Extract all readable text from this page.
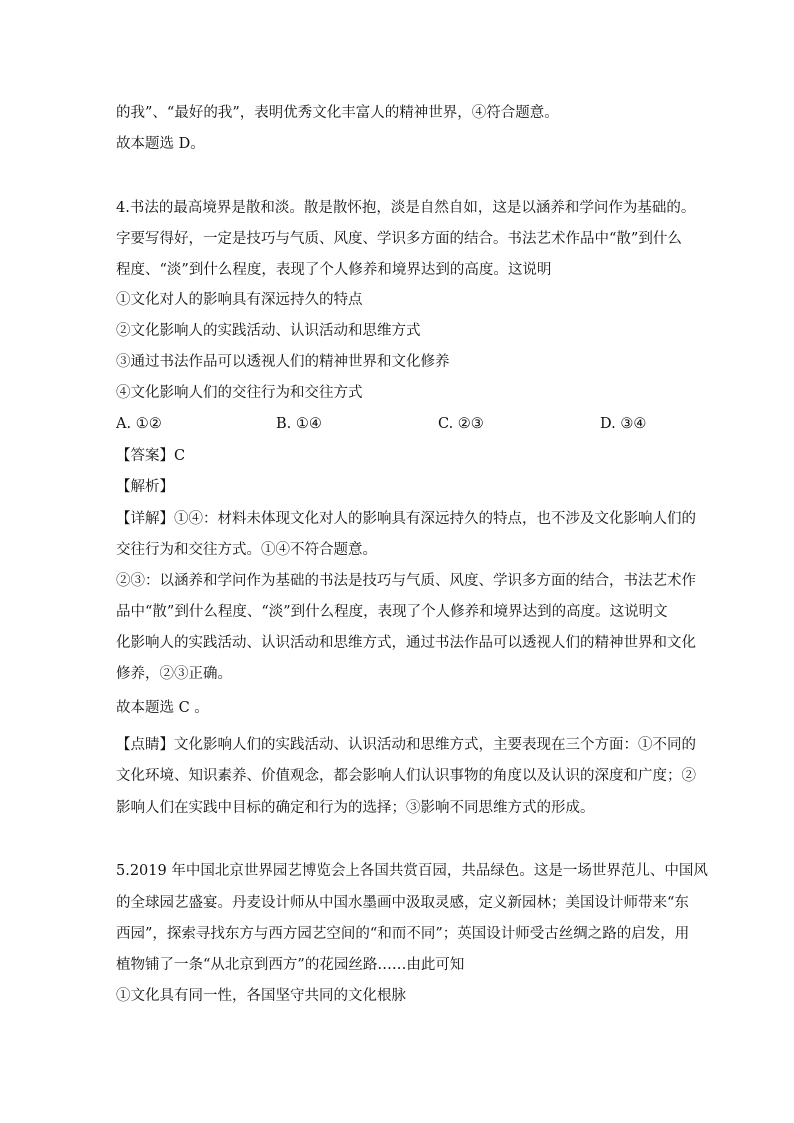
的我”、“最好的我”，表明优秀文化丰富人的精神世界，④符合题意。
故本题选 D。
4.书法的最高境界是散和淡。散是散怀抱，淡是自然自如，这是以涵养和学问作为基础的。
字要写得好，一定是技巧与气质、风度、学识多方面的结合。书法艺术作品中“散”到什么
程度、“淡”到什么程度，表现了个人修养和境界达到的高度。这说明
①文化对人的影响具有深远持久的特点
②文化影响人的实践活动、认识活动和思维方式
③通过书法作品可以透视人们的精神世界和文化修养
④文化影响人们的交往行为和交往方式
A. ①②	B. ①④	C. ②③	D. ③④
【答案】C
【解析】
【详解】①④：材料未体现文化对人的影响具有深远持久的特点，也不涉及文化影响人们的
交往行为和交往方式。①④不符合题意。
②③：以涵养和学问作为基础的书法是技巧与气质、风度、学识多方面的结合，书法艺术作
品中“散”到什么程度、“淡”到什么程度，表现了个人修养和境界达到的高度。这说明文
化影响人的实践活动、认识活动和思维方式，通过书法作品可以透视人们的精神世界和文化
修养，②③正确。
故本题选 C 。
【点睛】文化影响人们的实践活动、认识活动和思维方式，主要表现在三个方面：①不同的
文化环境、知识素养、价值观念，都会影响人们认识事物的角度以及认识的深度和广度；②
影响人们在实践中目标的确定和行为的选择；③影响不同思维方式的形成。
5.2019 年中国北京世界园艺博览会上各国共赏百园，共品绿色。这是一场世界范儿、中国风
的全球园艺盛宴。丹麦设计师从中国水墨画中汲取灵感，定义新园林；美国设计师带来“东
西园”，探索寻找东方与西方园艺空间的“和而不同”；英国设计师受古丝绸之路的启发，用
植物铺了一条“从北京到西方”的花园丝路……由此可知
①文化具有同一性，各国坚守共同的文化根脉
